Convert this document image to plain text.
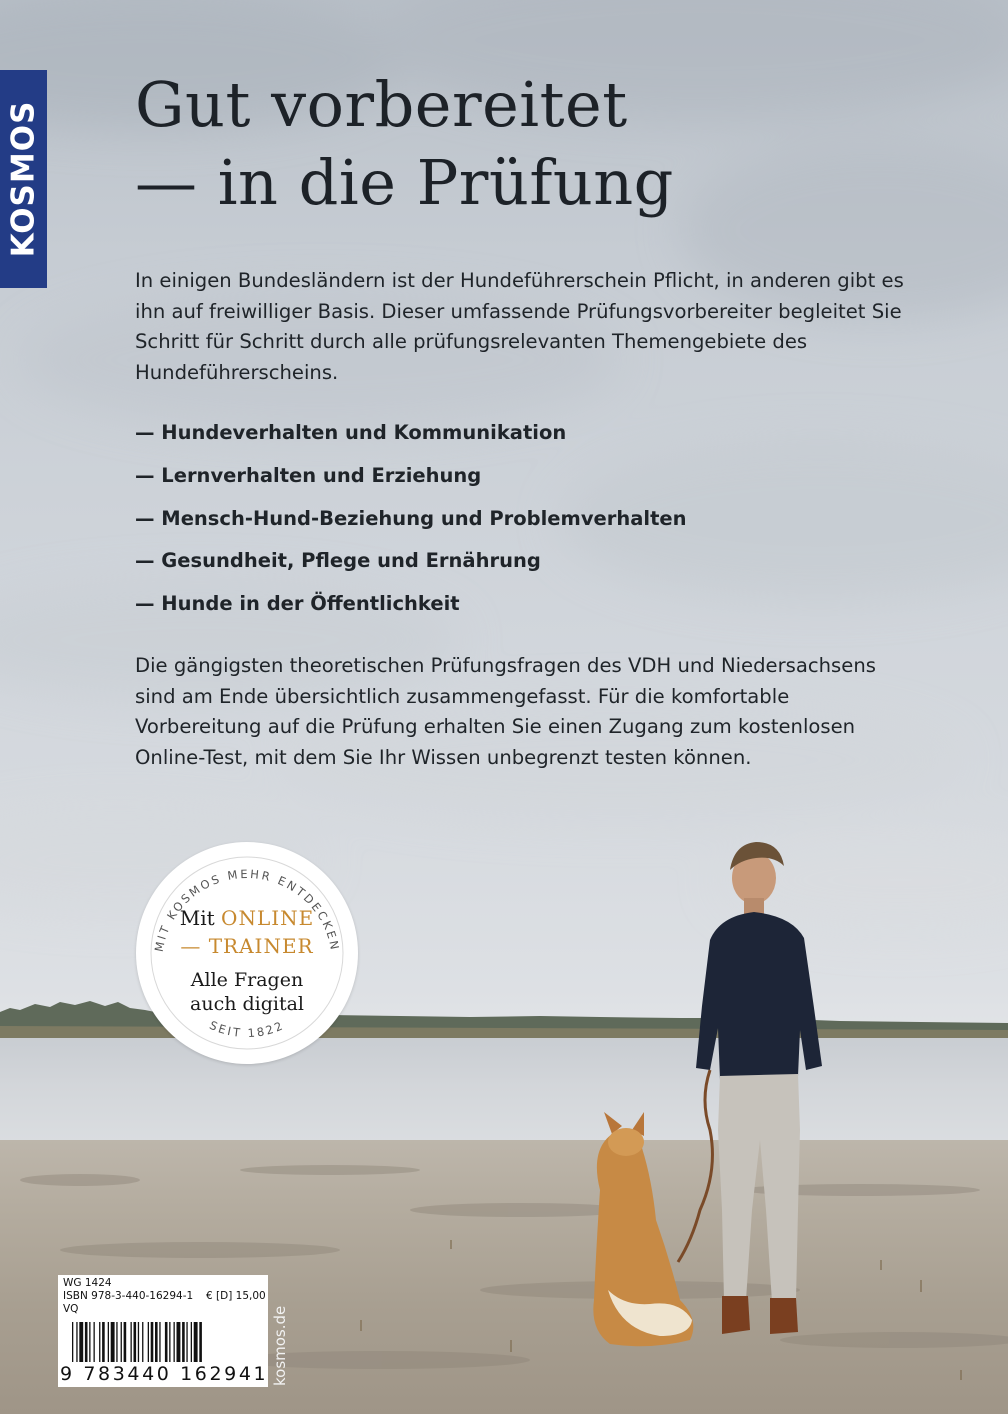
KOSMOS Gut vorbereitet
— in die Prüfung

In einigen Bundesländern ist der Hundeführerschein Pflicht, in anderen gibt es ihn auf freiwilliger Basis. Dieser umfassende Prüfungsvorbereiter begleitet Sie Schritt für Schritt durch alle prüfungsrelevanten Themengebiete des Hundeführerscheins.

— Hundeverhalten und Kommunikation
— Lernverhalten und Erziehung
— Mensch-Hund-Beziehung und Problemverhalten
— Gesundheit, Pflege und Ernährung
— Hunde in der Öffentlichkeit

Die gängigsten theoretischen Prüfungsfragen des VDH und Niedersachsens sind am Ende übersichtlich zusammengefasst. Für die komfortable Vorbereitung auf die Prüfung erhalten Sie einen Zugang zum kostenlosen Online-Test, mit dem Sie Ihr Wissen unbegrenzt testen können.

MIT KOSMOS MEHR ENTDECKEN
SEIT 1822
Mit ONLINE
— TRAINER
Alle Fragen
auch digital
WG 1424
ISBN 978-3-440-16294-1 € [D] 15,00
VQ
9 783440 162941 kosmos.de
